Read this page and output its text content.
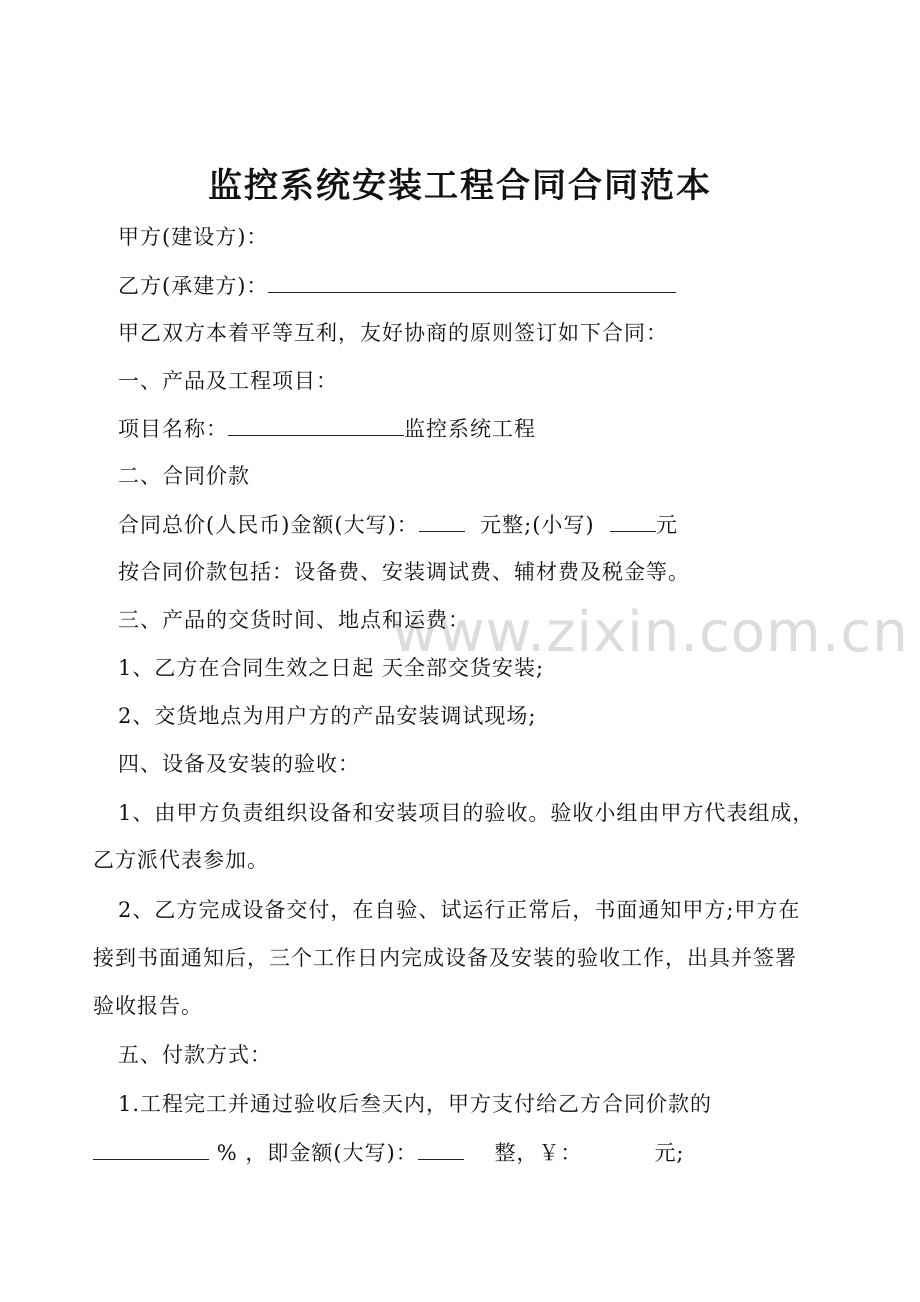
www.zixin.com.cn
监控系统安装工程合同合同范本
甲方(建设方)：
乙方(承建方)：
甲乙双方本着平等互利，友好协商的原则签订如下合同：
一、产品及工程项目：
项目名称：	监控系统工程
二、合同价款
合同总价(人民币)金额(大写)：	元整;(小写)	元
按合同价款包括：设备费、安装调试费、辅材费及税金等。
三、产品的交货时间、地点和运费：
1、乙方在合同生效之日起 天全部交货安装;
2、交货地点为用户方的产品安装调试现场;
四、设备及安装的验收：
1、由甲方负责组织设备和安装项目的验收。验收小组由甲方代表组成，
乙方派代表参加。
2、乙方完成设备交付，在自验、试运行正常后，书面通知甲方;甲方在
接到书面通知后，三个工作日内完成设备及安装的验收工作，出具并签署
验收报告。
五、付款方式：
1.工程完工并通过验收后叁天内，甲方支付给乙方合同价款的
% ，即金额(大写)：	整，￥：	元;
